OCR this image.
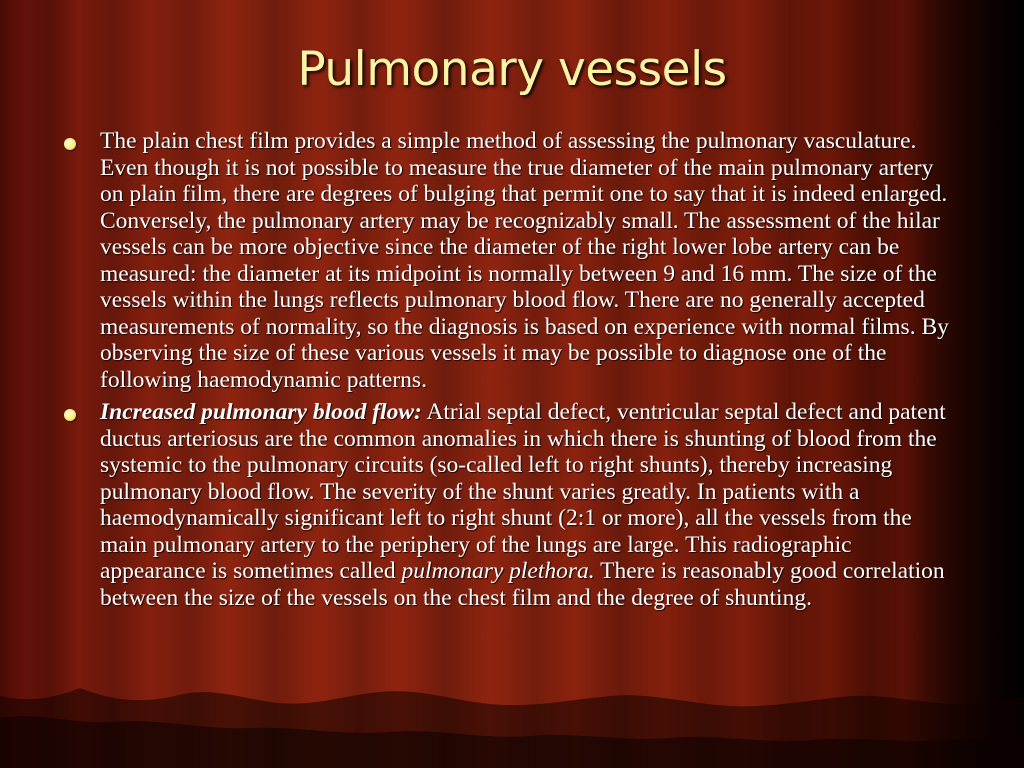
Pulmonary vessels
The plain chest film provides a simple method of assessing the pulmonary vasculature. Even though it is not possible to measure the true diameter of the main pulmonary artery on plain film, there are degrees of bulging that permit one to say that it is indeed enlarged. Conversely, the pulmonary artery may be recognizably small. The assessment of the hilar vessels can be more objective since the diameter of the right lower lobe artery can be measured: the diameter at its midpoint is normally between 9 and 16 mm. The size of the vessels within the lungs reflects pulmonary blood flow. There are no generally accepted measurements of normality, so the diagnosis is based on experience with normal films. By observing the size of these various vessels it may be possible to diagnose one of the following haemodynamic patterns.
Increased pulmonary blood flow: Atrial septal defect, ventricular septal defect and patent ductus arteriosus are the common anomalies in which there is shunting of blood from the systemic to the pulmonary circuits (so-called left to right shunts), thereby increasing pulmonary blood flow. The severity of the shunt varies greatly. In patients with a haemodynamically significant left to right shunt (2:1 or more), all the vessels from the main pulmonary artery to the periphery of the lungs are large. This radiographic appearance is sometimes called pulmonary plethora. There is reasonably good correlation between the size of the vessels on the chest film and the degree of shunting.
